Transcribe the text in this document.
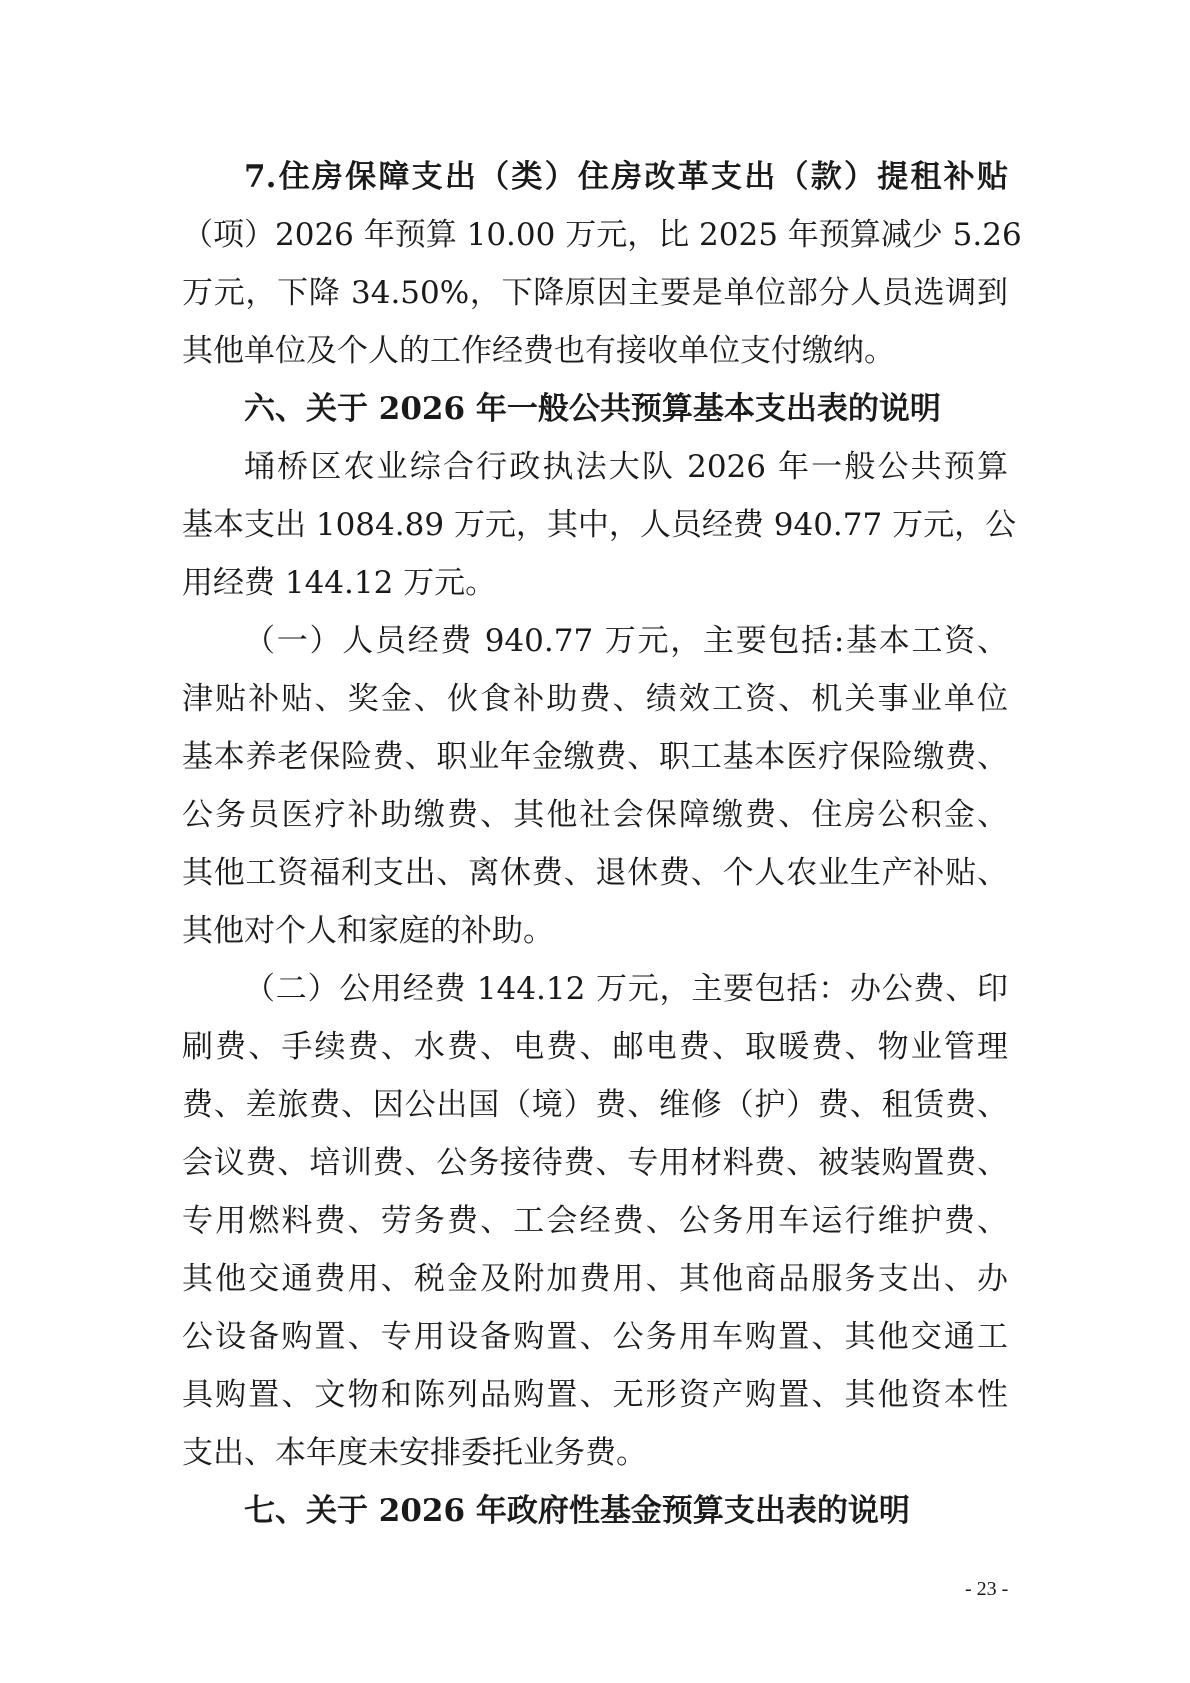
7.住房保障支出（类）住房改革支出（款）提租补贴
（项）2026 年预算 10.00 万元，比 2025 年预算减少 5.26
万元，下降 34.50%，下降原因主要是单位部分人员选调到
其他单位及个人的工作经费也有接收单位支付缴纳。
六、关于 2026 年一般公共预算基本支出表的说明
埇桥区农业综合行政执法大队 2026 年一般公共预算
基本支出 1084.89 万元，其中，人员经费 940.77 万元，公
用经费 144.12 万元。
（一）人员经费 940.77 万元，主要包括:基本工资、
津贴补贴、奖金、伙食补助费、绩效工资、机关事业单位
基本养老保险费、职业年金缴费、职工基本医疗保险缴费、
公务员医疗补助缴费、其他社会保障缴费、住房公积金、
其他工资福利支出、离休费、退休费、个人农业生产补贴、
其他对个人和家庭的补助。
（二）公用经费 144.12 万元，主要包括：办公费、印
刷费、手续费、水费、电费、邮电费、取暖费、物业管理
费、差旅费、因公出国（境）费、维修（护）费、租赁费、
会议费、培训费、公务接待费、专用材料费、被装购置费、
专用燃料费、劳务费、工会经费、公务用车运行维护费、
其他交通费用、税金及附加费用、其他商品服务支出、办
公设备购置、专用设备购置、公务用车购置、其他交通工
具购置、文物和陈列品购置、无形资产购置、其他资本性
支出、本年度未安排委托业务费。
七、关于 2026 年政府性基金预算支出表的说明
- 23 -
